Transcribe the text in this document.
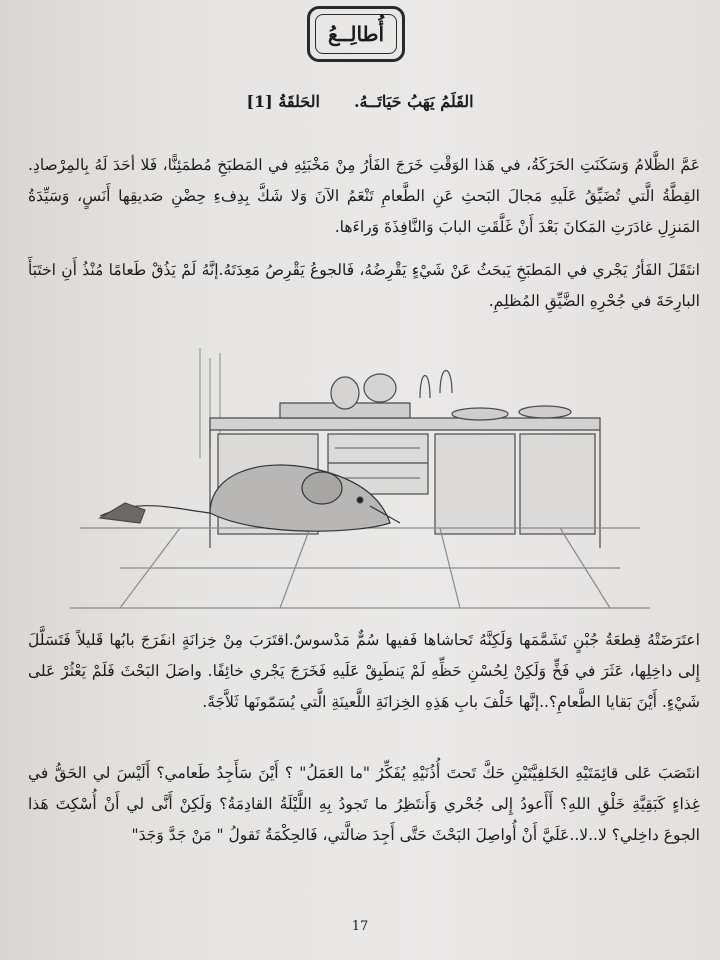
أُطالِــعُ
القَلَمُ يَهَبُ حَيَاتَــهُ.الحَلقَةُ [1]

عَمَّ الظَّلامُ وَسَكَنَتِ الحَرَكَةُ، في هَذا الوَقْتِ خَرَجَ الفَأرُ مِنْ مَخْبَئِهِ في المَطبَخِ مُطمَئِنًّا، فَلا أحَدَ لَهُ بِالمِرْصادِ. القِطَّةُ الَّتي تُضَيِّقُ عَلَيهِ مَجالَ البَحثِ عَنِ الطَّعامِ تَنْعَمُ الآنَ وَلا شَكَّ بِدِفءِ حِضْنِ صَديقِها أَنَسٍ، وَسَيِّدَةُ المَنزِلِ غادَرَتِ المَكانَ بَعْدَ أَنْ غَلَّقَتِ البابَ وَالنَّافِذَةَ وَراءَها.

انتَقَلَ الفَأرُ يَجْري في المَطبَخِ يَبحَثُ عَنْ شَيْءٍ يَقْرِضُهُ، فَالجوعُ يَقْرِصُ مَعِدَتَهُ.إنَّهُ لَمْ يَذُقْ طَعامًا مُنْذُ أَنِ اختَبَأَ البارِحَةَ في جُحْرِهِ الضَّيِّقِ المُظلِمِ.

اعتَرَضَتْهُ قِطعَةُ جُبْنٍ تَشَمَّمَها وَلَكِنَّهُ تَحاشاها فَفيها سُمٌّ مَدْسوسٌ.اقتَرَبَ مِنْ خِزانَةٍ انفَرَجَ بابُها قَليلاً فَتَسَلَّلَ إِلى داخِلِها، عَثَرَ في فَخٍّ وَلَكِنْ لِحُسْنِ حَظِّهِ لَمْ يَنطَبِقْ عَلَيهِ فَخَرَجَ يَجْري خائِفًا. واصَلَ البَحْثَ فَلَمْ يَعْثُرْ عَلى شَيْءٍ. أَيْنَ بَقايا الطَّعامِ؟..إنَّها خَلْفَ بابِ هَذِهِ الخِزانَةِ اللَّعينَةِ الَّتي يُسَمّونَها ثَلاَّجَةً.

انتَصَبَ عَلى قائِمَتَيْهِ الخَلفِيَّتَيْنِ حَكَّ تَحتَ أُذُنَيْهِ يُفَكِّرُ "ما العَمَلُ" ؟ أَيْنَ سَأَجِدُ طَعامي؟ أَلَيْسَ لي الحَقُّ في غِذاءٍ كَبَقِيَّةِ خَلْقِ اللهِ؟ أَأَعودُ إِلى جُحْري وَأَنتَظِرُ ما تَجودُ بِهِ اللَّيْلَةُ القادِمَةُ؟ وَلَكِنْ أَنَّى لي أَنْ أُسْكِتَ هَذا الجوعَ داخِلي؟ لا..لا..عَلَيَّ أَنْ أُواصِلَ البَحْثَ حَتَّى أَجِدَ ضالَّتي، فَالحِكْمَةُ تَقولُ " مَنْ جَدَّ وَجَدَ"

17
